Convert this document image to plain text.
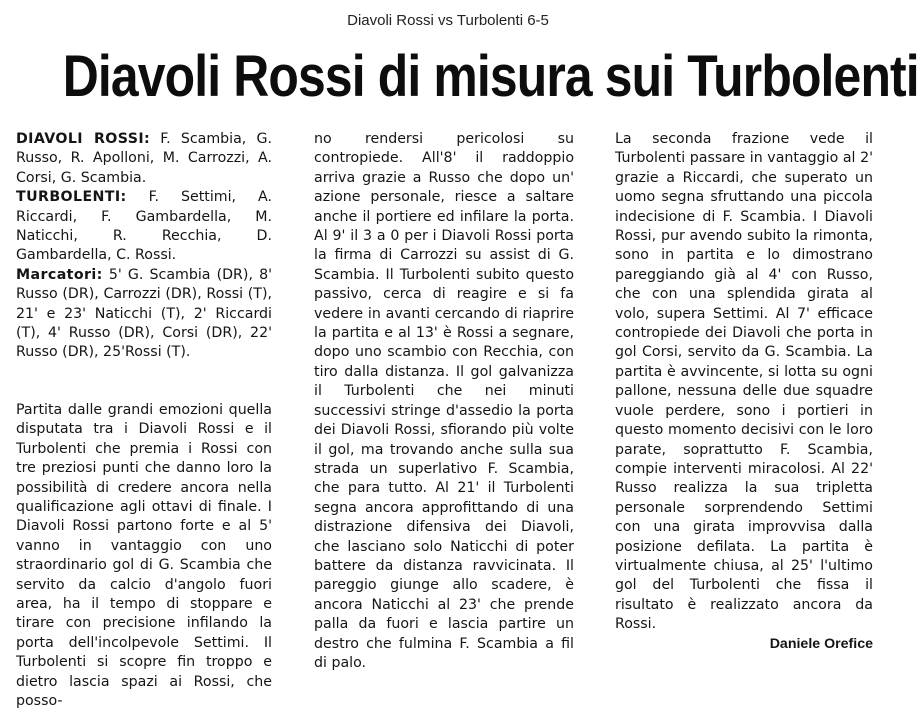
Diavoli Rossi vs Turbolenti 6-5
Diavoli Rossi di misura sui Turbolenti

DIAVOLI ROSSI: F. Scambia, G. Russo, R. Apolloni, M. Carrozzi, A. Corsi, G. Scambia.

TURBOLENTI: F. Settimi, A. Riccardi, F. Gambardella, M. Naticchi, R. Recchia, D. Gambardella, C. Rossi.

Marcatori: 5' G. Scambia (DR), 8' Russo (DR), Carrozzi (DR), Rossi (T), 21' e 23' Naticchi (T), 2' Riccardi (T), 4' Russo (DR), Corsi (DR), 22' Russo (DR), 25'Rossi (T).

Partita dalle grandi emozioni quella disputata tra i Diavoli Rossi e il Turbolenti che premia i Rossi con tre preziosi punti che danno loro la possibilità di credere ancora nella qualificazione agli ottavi di finale. I Diavoli Rossi partono forte e al 5' vanno in vantaggio con uno straordinario gol di G. Scambia che servito da calcio d'angolo fuori area, ha il tempo di stoppare e tirare con precisione infilando la porta dell'incolpevole Settimi. Il Turbolenti si scopre fin troppo e dietro lascia spazi ai Rossi, che posso-

no rendersi pericolosi su contropiede. All'8' il raddoppio arriva grazie a Russo che dopo un' azione personale, riesce a saltare anche il portiere ed infilare la porta. Al 9' il 3 a 0 per i Diavoli Rossi porta la firma di Carrozzi su assist di G. Scambia. Il Turbolenti subito questo passivo, cerca di reagire e si fa vedere in avanti cercando di riaprire la partita e al 13' è Rossi a segnare, dopo uno scambio con Recchia, con tiro dalla distanza. Il gol galvanizza il Turbolenti che nei minuti successivi stringe d'assedio la porta dei Diavoli Rossi, sfiorando più volte il gol, ma trovando anche sulla sua strada un superlativo F. Scambia, che para tutto. Al 21' il Turbolenti segna ancora approfittando di una distrazione difensiva dei Diavoli, che lasciano solo Naticchi di poter battere da distanza ravvicinata. Il pareggio giunge allo scadere, è ancora Naticchi al 23' che prende palla da fuori e lascia partire un destro che fulmina F. Scambia a fil di palo.

La seconda frazione vede il Turbolenti passare in vantaggio al 2' grazie a Riccardi, che superato un uomo segna sfruttando una piccola indecisione di F. Scambia. I Diavoli Rossi, pur avendo subito la rimonta, sono in partita e lo dimostrano pareggiando già al 4' con Russo, che con una splendida girata al volo, supera Settimi. Al 7' efficace contropiede dei Diavoli che porta in gol Corsi, servito da G. Scambia. La partita è avvincente, si lotta su ogni pallone, nessuna delle due squadre vuole perdere, sono i portieri in questo momento decisivi con le loro parate, soprattutto F. Scambia, compie interventi miracolosi. Al 22' Russo realizza la sua tripletta personale sorprendendo Settimi con una girata improvvisa dalla posizione defilata. La partita è virtualmente chiusa, al 25' l'ultimo gol del Turbolenti che fissa il risultato è realizzato ancora da Rossi.

Daniele Orefice
